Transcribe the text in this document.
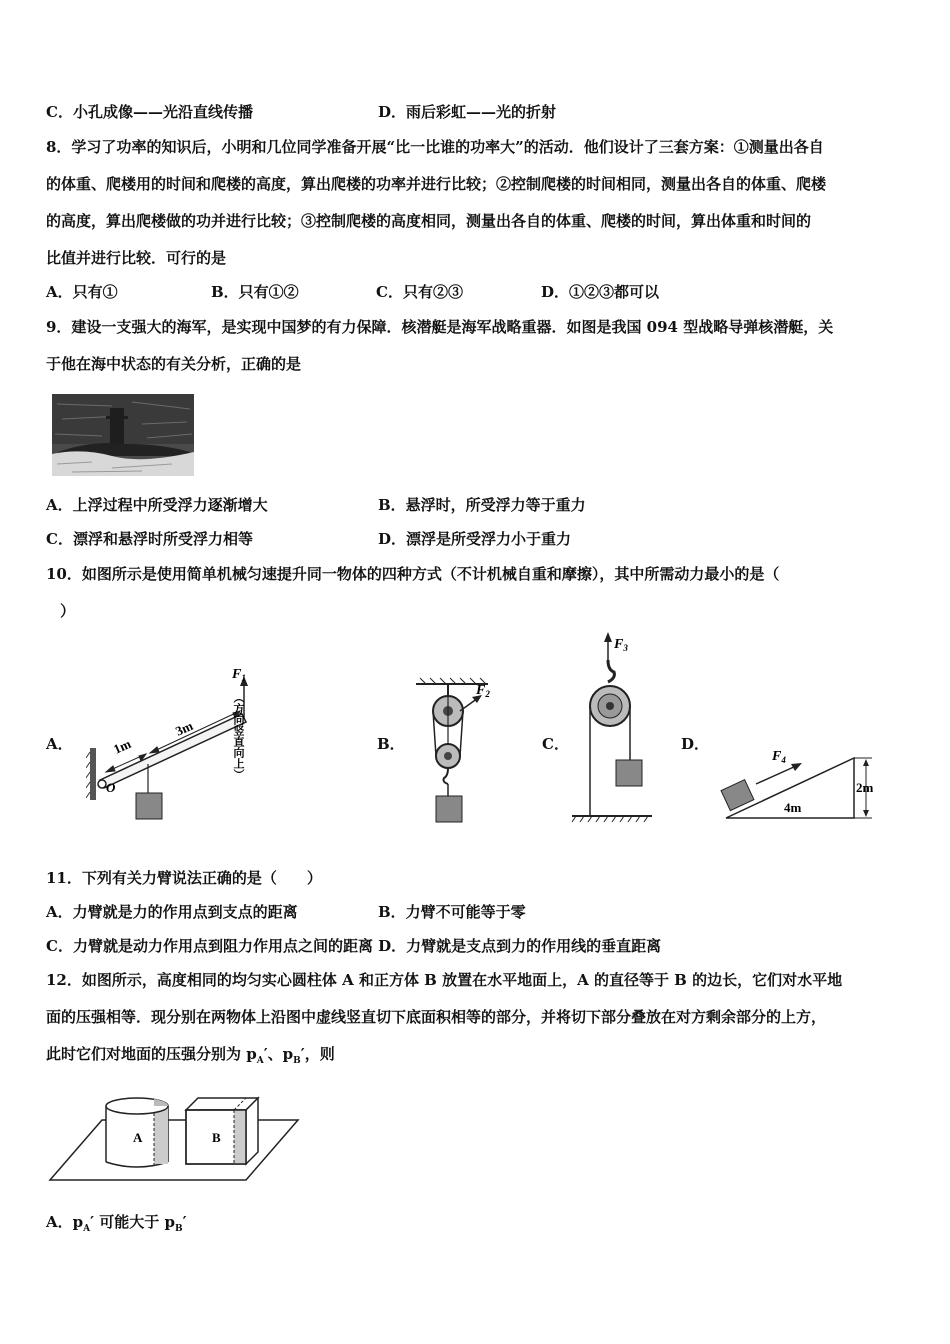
C．小孔成像——光沿直线传播	D．雨后彩虹——光的折射
8．学习了功率的知识后，小明和几位同学准备开展“比一比谁的功率大”的活动．他们设计了三套方案：①测量出各自
的体重、爬楼用的时间和爬楼的高度，算出爬楼的功率并进行比较；②控制爬楼的时间相同，测量出各自的体重、爬楼
的高度，算出爬楼做的功并进行比较；③控制爬楼的高度相同，测量出各自的体重、爬楼的时间，算出体重和时间的
比值并进行比较．可行的是
A．只有①	B．只有①②	C．只有②③	D．①②③都可以
9．建设一支强大的海军，是实现中国梦的有力保障．核潜艇是海军战略重器．如图是我国 094 型战略导弹核潜艇，关
于他在海中状态的有关分析，正确的是
A．上浮过程中所受浮力逐渐增大	B．悬浮时，所受浮力等于重力
C．漂浮和悬浮时所受浮力相等	D．漂浮是所受浮力小于重力
10．如图所示是使用简单机械匀速提升同一物体的四种方式（不计机械自重和摩擦），其中所需动力最小的是（
）
A．	B．	C．	D．
1m
3m
O
$F_1$
（方向竖直向上）
$F_2$
$F_3$
$F_4$
4m
2m
11．下列有关力臂说法正确的是（　　）
A．力臂就是力的作用点到支点的距离	B．力臂不可能等于零
C．力臂就是动力作用点到阻力作用点之间的距离 D．力臂就是支点到力的作用线的垂直距离
12．如图所示，高度相同的均匀实心圆柱体 A 和正方体 B 放置在水平地面上，A 的直径等于 B 的边长，它们对水平地
面的压强相等．现分别在两物体上沿图中虚线竖直切下底面积相等的部分，并将切下部分叠放在对方剩余部分的上方，
此时它们对地面的压强分别为 $p_A'$、$p_B'$，则
A	B
A．$p_A'$ 可能大于 $p_B'$
